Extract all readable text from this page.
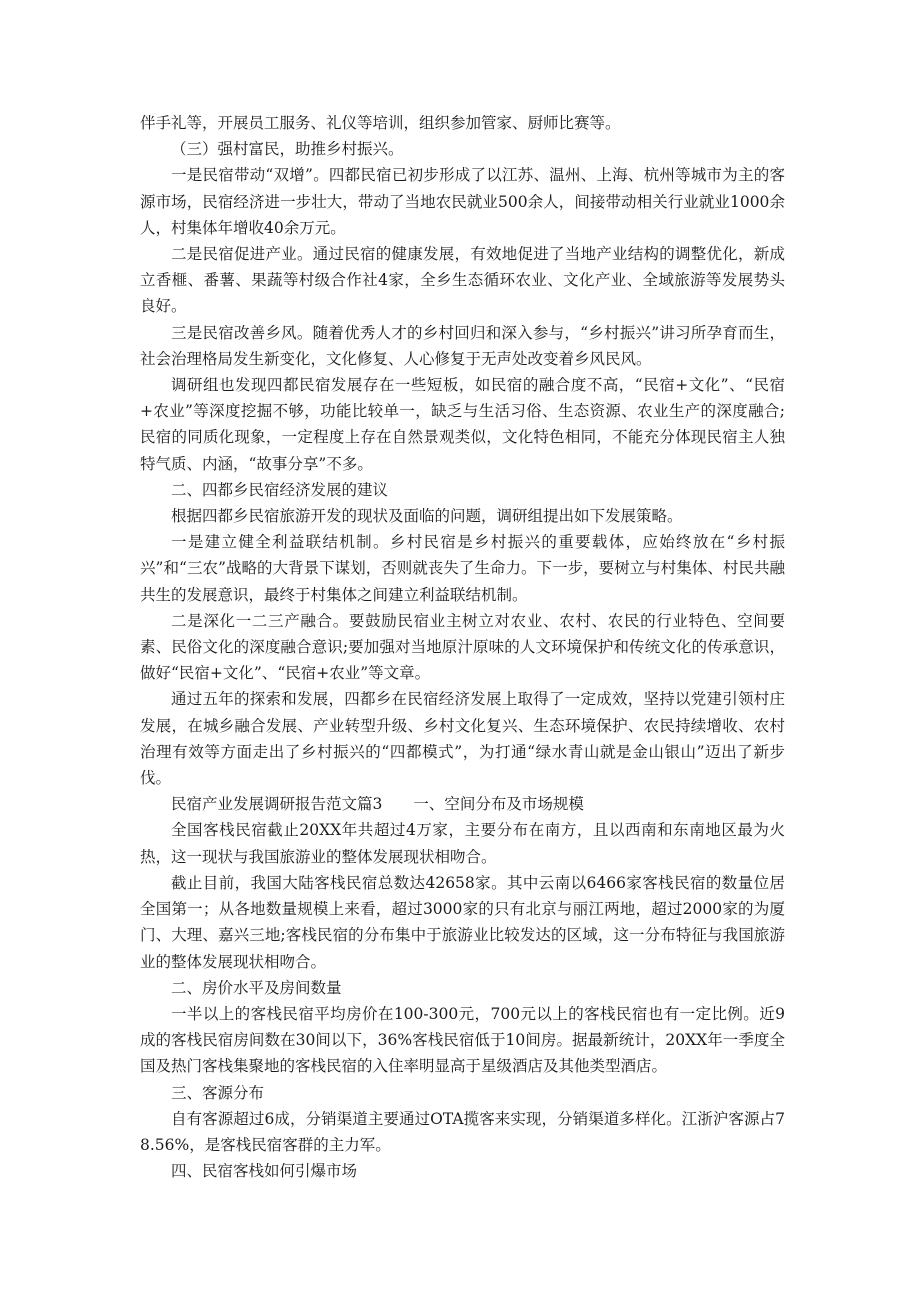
伴手礼等，开展员工服务、礼仪等培训，组织参加管家、厨师比赛等。

（三）强村富民，助推乡村振兴。

一是民宿带动“双增”。四都民宿已初步形成了以江苏、温州、上海、杭州等城市为主的客源市场，民宿经济进一步壮大，带动了当地农民就业500余人，间接带动相关行业就业1000余人，村集体年增收40余万元。

二是民宿促进产业。通过民宿的健康发展，有效地促进了当地产业结构的调整优化，新成立香榧、番薯、果蔬等村级合作社4家，全乡生态循环农业、文化产业、全域旅游等发展势头良好。

三是民宿改善乡风。随着优秀人才的乡村回归和深入参与，“乡村振兴”讲习所孕育而生，社会治理格局发生新变化，文化修复、人心修复于无声处改变着乡风民风。

调研组也发现四都民宿发展存在一些短板，如民宿的融合度不高，“民宿+文化”、“民宿+农业”等深度挖掘不够，功能比较单一，缺乏与生活习俗、生态资源、农业生产的深度融合;民宿的同质化现象，一定程度上存在自然景观类似，文化特色相同，不能充分体现民宿主人独特气质、内涵，“故事分享”不多。

二、四都乡民宿经济发展的建议

根据四都乡民宿旅游开发的现状及面临的问题，调研组提出如下发展策略。

一是建立健全利益联结机制。乡村民宿是乡村振兴的重要载体，应始终放在“乡村振兴”和“三农”战略的大背景下谋划，否则就丧失了生命力。下一步，要树立与村集体、村民共融共生的发展意识，最终于村集体之间建立利益联结机制。

二是深化一二三产融合。要鼓励民宿业主树立对农业、农村、农民的行业特色、空间要素、民俗文化的深度融合意识;要加强对当地原汁原味的人文环境保护和传统文化的传承意识，做好“民宿+文化”、“民宿+农业”等文章。

通过五年的探索和发展，四都乡在民宿经济发展上取得了一定成效，坚持以党建引领村庄发展，在城乡融合发展、产业转型升级、乡村文化复兴、生态环境保护、农民持续增收、农村治理有效等方面走出了乡村振兴的“四都模式”，为打通“绿水青山就是金山银山”迈出了新步伐。

民宿产业发展调研报告范文篇3　　一、空间分布及市场规模

全国客栈民宿截止20XX年共超过4万家，主要分布在南方，且以西南和东南地区最为火热，这一现状与我国旅游业的整体发展现状相吻合。

截止目前，我国大陆客栈民宿总数达42658家。其中云南以6466家客栈民宿的数量位居全国第一；从各地数量规模上来看，超过3000家的只有北京与丽江两地，超过2000家的为厦门、大理、嘉兴三地;客栈民宿的分布集中于旅游业比较发达的区域，这一分布特征与我国旅游业的整体发展现状相吻合。

二、房价水平及房间数量

一半以上的客栈民宿平均房价在100-300元，700元以上的客栈民宿也有一定比例。近9成的客栈民宿房间数在30间以下，36%客栈民宿低于10间房。据最新统计，20XX年一季度全国及热门客栈集聚地的客栈民宿的入住率明显高于星级酒店及其他类型酒店。

三、客源分布

自有客源超过6成，分销渠道主要通过OTA揽客来实现，分销渠道多样化。江浙沪客源占78.56%，是客栈民宿客群的主力军。

四、民宿客栈如何引爆市场
